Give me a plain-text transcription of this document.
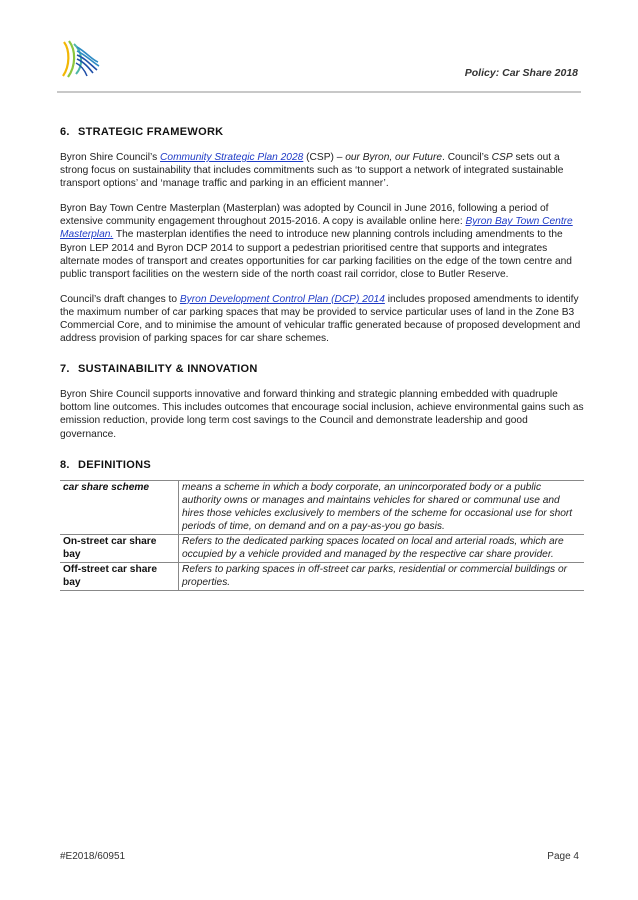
Policy: Car Share 2018
6. STRATEGIC FRAMEWORK

Byron Shire Council’s Community Strategic Plan 2028 (CSP) – our Byron, our Future. Council’s CSP sets out a strong focus on sustainability that includes commitments such as ‘to support a network of integrated sustainable transport options’ and ‘manage traffic and parking in an efficient manner’.

Byron Bay Town Centre Masterplan (Masterplan) was adopted by Council in June 2016, following a period of extensive community engagement throughout 2015-2016. A copy is available online here: Byron Bay Town Centre Masterplan. The masterplan identifies the need to introduce new planning controls including amendments to the Byron LEP 2014 and Byron DCP 2014 to support a pedestrian prioritised centre that supports and integrates alternate modes of transport and creates opportunities for car parking facilities on the edge of the town centre and public transport facilities on the western side of the north coast rail corridor, close to Butler Reserve.

Council’s draft changes to Byron Development Control Plan (DCP) 2014 includes proposed amendments to identify the maximum number of car parking spaces that may be provided to service particular uses of land in the Zone B3 Commercial Core, and to minimise the amount of vehicular traffic generated because of proposed development and address provision of parking spaces for car share schemes.

7. SUSTAINABILITY & INNOVATION

Byron Shire Council supports innovative and forward thinking and strategic planning embedded with quadruple bottom line outcomes. This includes outcomes that encourage social inclusion, achieve environmental gains such as emission reduction, provide long term cost savings to the Council and demonstrate leadership and good governance.

8. DEFINITIONS
car share scheme	means a scheme in which a body corporate, an unincorporated body or a public authority owns or manages and maintains vehicles for shared or communal use and hires those vehicles exclusively to members of the scheme for occasional use for short periods of time, on demand and on a pay-as-you go basis.
On-street car share bay	Refers to the dedicated parking spaces located on local and arterial roads, which are occupied by a vehicle provided and managed by the respective car share provider.
Off-street car share bay	Refers to parking spaces in off-street car parks, residential or commercial buildings or properties.
#E2018/60951	Page 4
